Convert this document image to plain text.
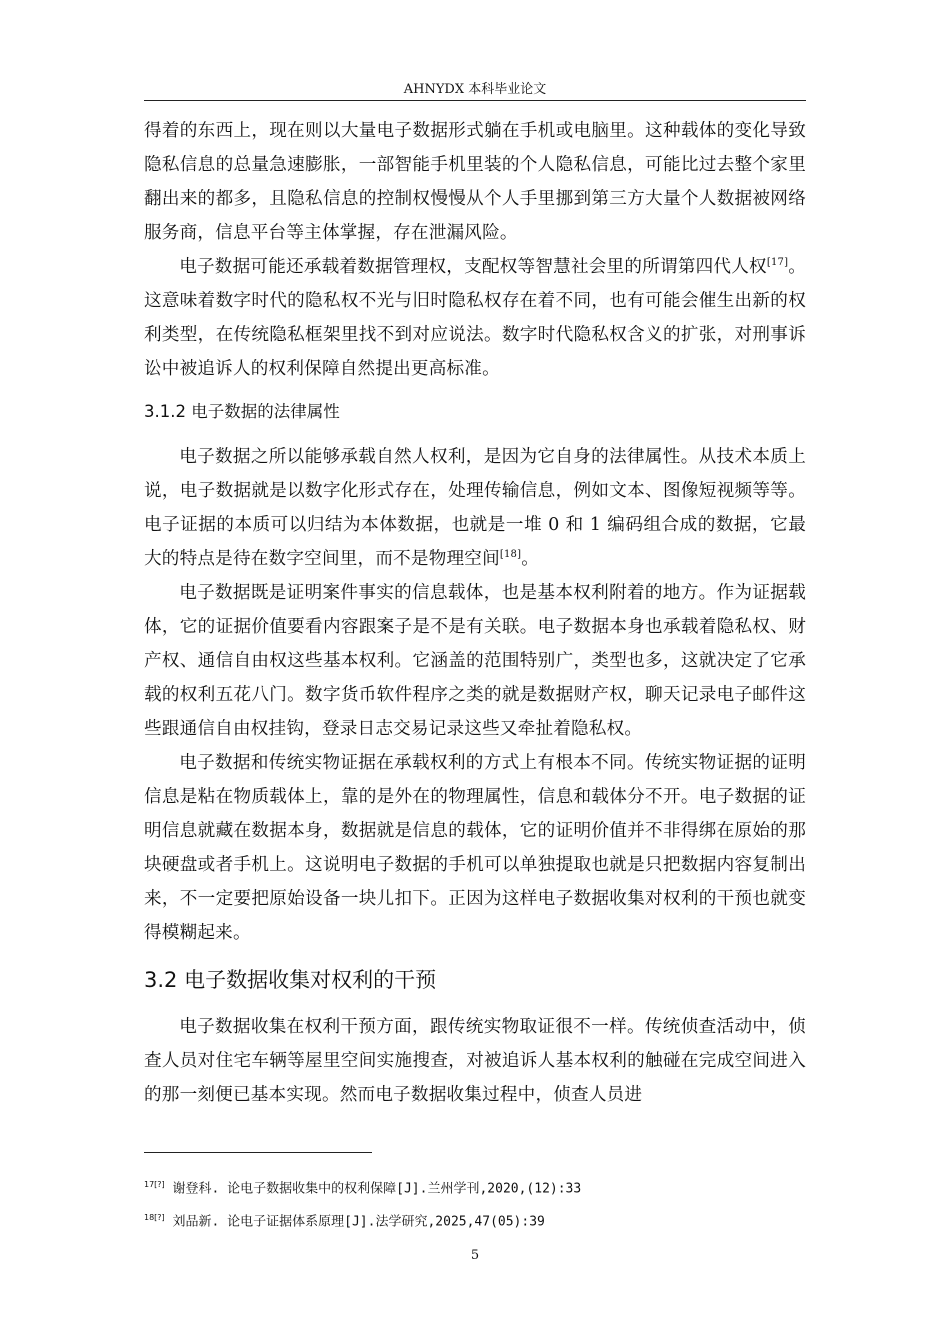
AHNYDX 本科毕业论文

得着的东西上，现在则以大量电子数据形式躺在手机或电脑里。这种载体的变化导致隐私信息的总量急速膨胀，一部智能手机里装的个人隐私信息，可能比过去整个家里翻出来的都多，且隐私信息的控制权慢慢从个人手里挪到第三方大量个人数据被网络服务商，信息平台等主体掌握，存在泄漏风险。

电子数据可能还承载着数据管理权，支配权等智慧社会里的所谓第四代人权[17]。这意味着数字时代的隐私权不光与旧时隐私权存在着不同，也有可能会催生出新的权利类型，在传统隐私框架里找不到对应说法。数字时代隐私权含义的扩张，对刑事诉讼中被追诉人的权利保障自然提出更高标准。

3.1.2 电子数据的法律属性

电子数据之所以能够承载自然人权利，是因为它自身的法律属性。从技术本质上说，电子数据就是以数字化形式存在，处理传输信息，例如文本、图像短视频等等。电子证据的本质可以归结为本体数据，也就是一堆 0 和 1 编码组合成的数据，它最大的特点是待在数字空间里，而不是物理空间[18]。

电子数据既是证明案件事实的信息载体，也是基本权利附着的地方。作为证据载体，它的证据价值要看内容跟案子是不是有关联。电子数据本身也承载着隐私权、财产权、通信自由权这些基本权利。它涵盖的范围特别广，类型也多，这就决定了它承载的权利五花八门。数字货币软件程序之类的就是数据财产权，聊天记录电子邮件这些跟通信自由权挂钩，登录日志交易记录这些又牵扯着隐私权。

电子数据和传统实物证据在承载权利的方式上有根本不同。传统实物证据的证明信息是粘在物质载体上，靠的是外在的物理属性，信息和载体分不开。电子数据的证明信息就藏在数据本身，数据就是信息的载体，它的证明价值并不非得绑在原始的那块硬盘或者手机上。这说明电子数据的手机可以单独提取也就是只把数据内容复制出来，不一定要把原始设备一块儿扣下。正因为这样电子数据收集对权利的干预也就变得模糊起来。

3.2 电子数据收集对权利的干预

电子数据收集在权利干预方面，跟传统实物取证很不一样。传统侦查活动中，侦查人员对住宅车辆等屋里空间实施搜查，对被追诉人基本权利的触碰在完成空间进入的那一刻便已基本实现。然而电子数据收集过程中，侦查人员进

$^{17[?]}$ 谢登科. 论电子数据收集中的权利保障[J].兰州学刊,2020,(12):33
$^{18[?]}$ 刘品新. 论电子证据体系原理[J].法学研究,2025,47(05):39
5
